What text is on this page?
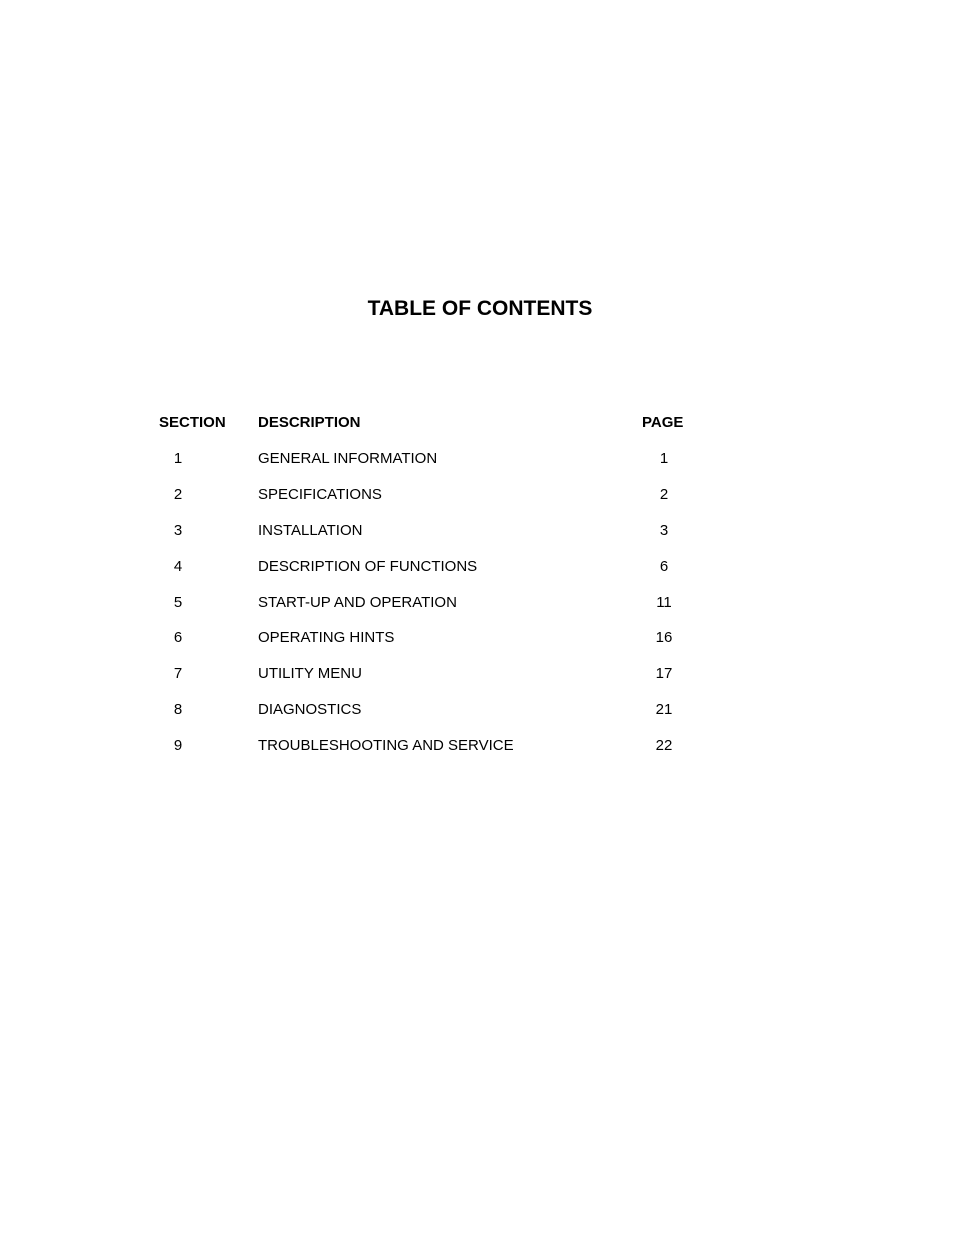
TABLE OF CONTENTS
SECTION DESCRIPTION	PAGE
1	GENERAL INFORMATION	1
2	SPECIFICATIONS	2
3	INSTALLATION	3
4	DESCRIPTION OF FUNCTIONS	6
5	START-UP AND OPERATION	11
6	OPERATING HINTS	16
7	UTILITY MENU	17
8	DIAGNOSTICS	21
9	TROUBLESHOOTING AND SERVICE	22
